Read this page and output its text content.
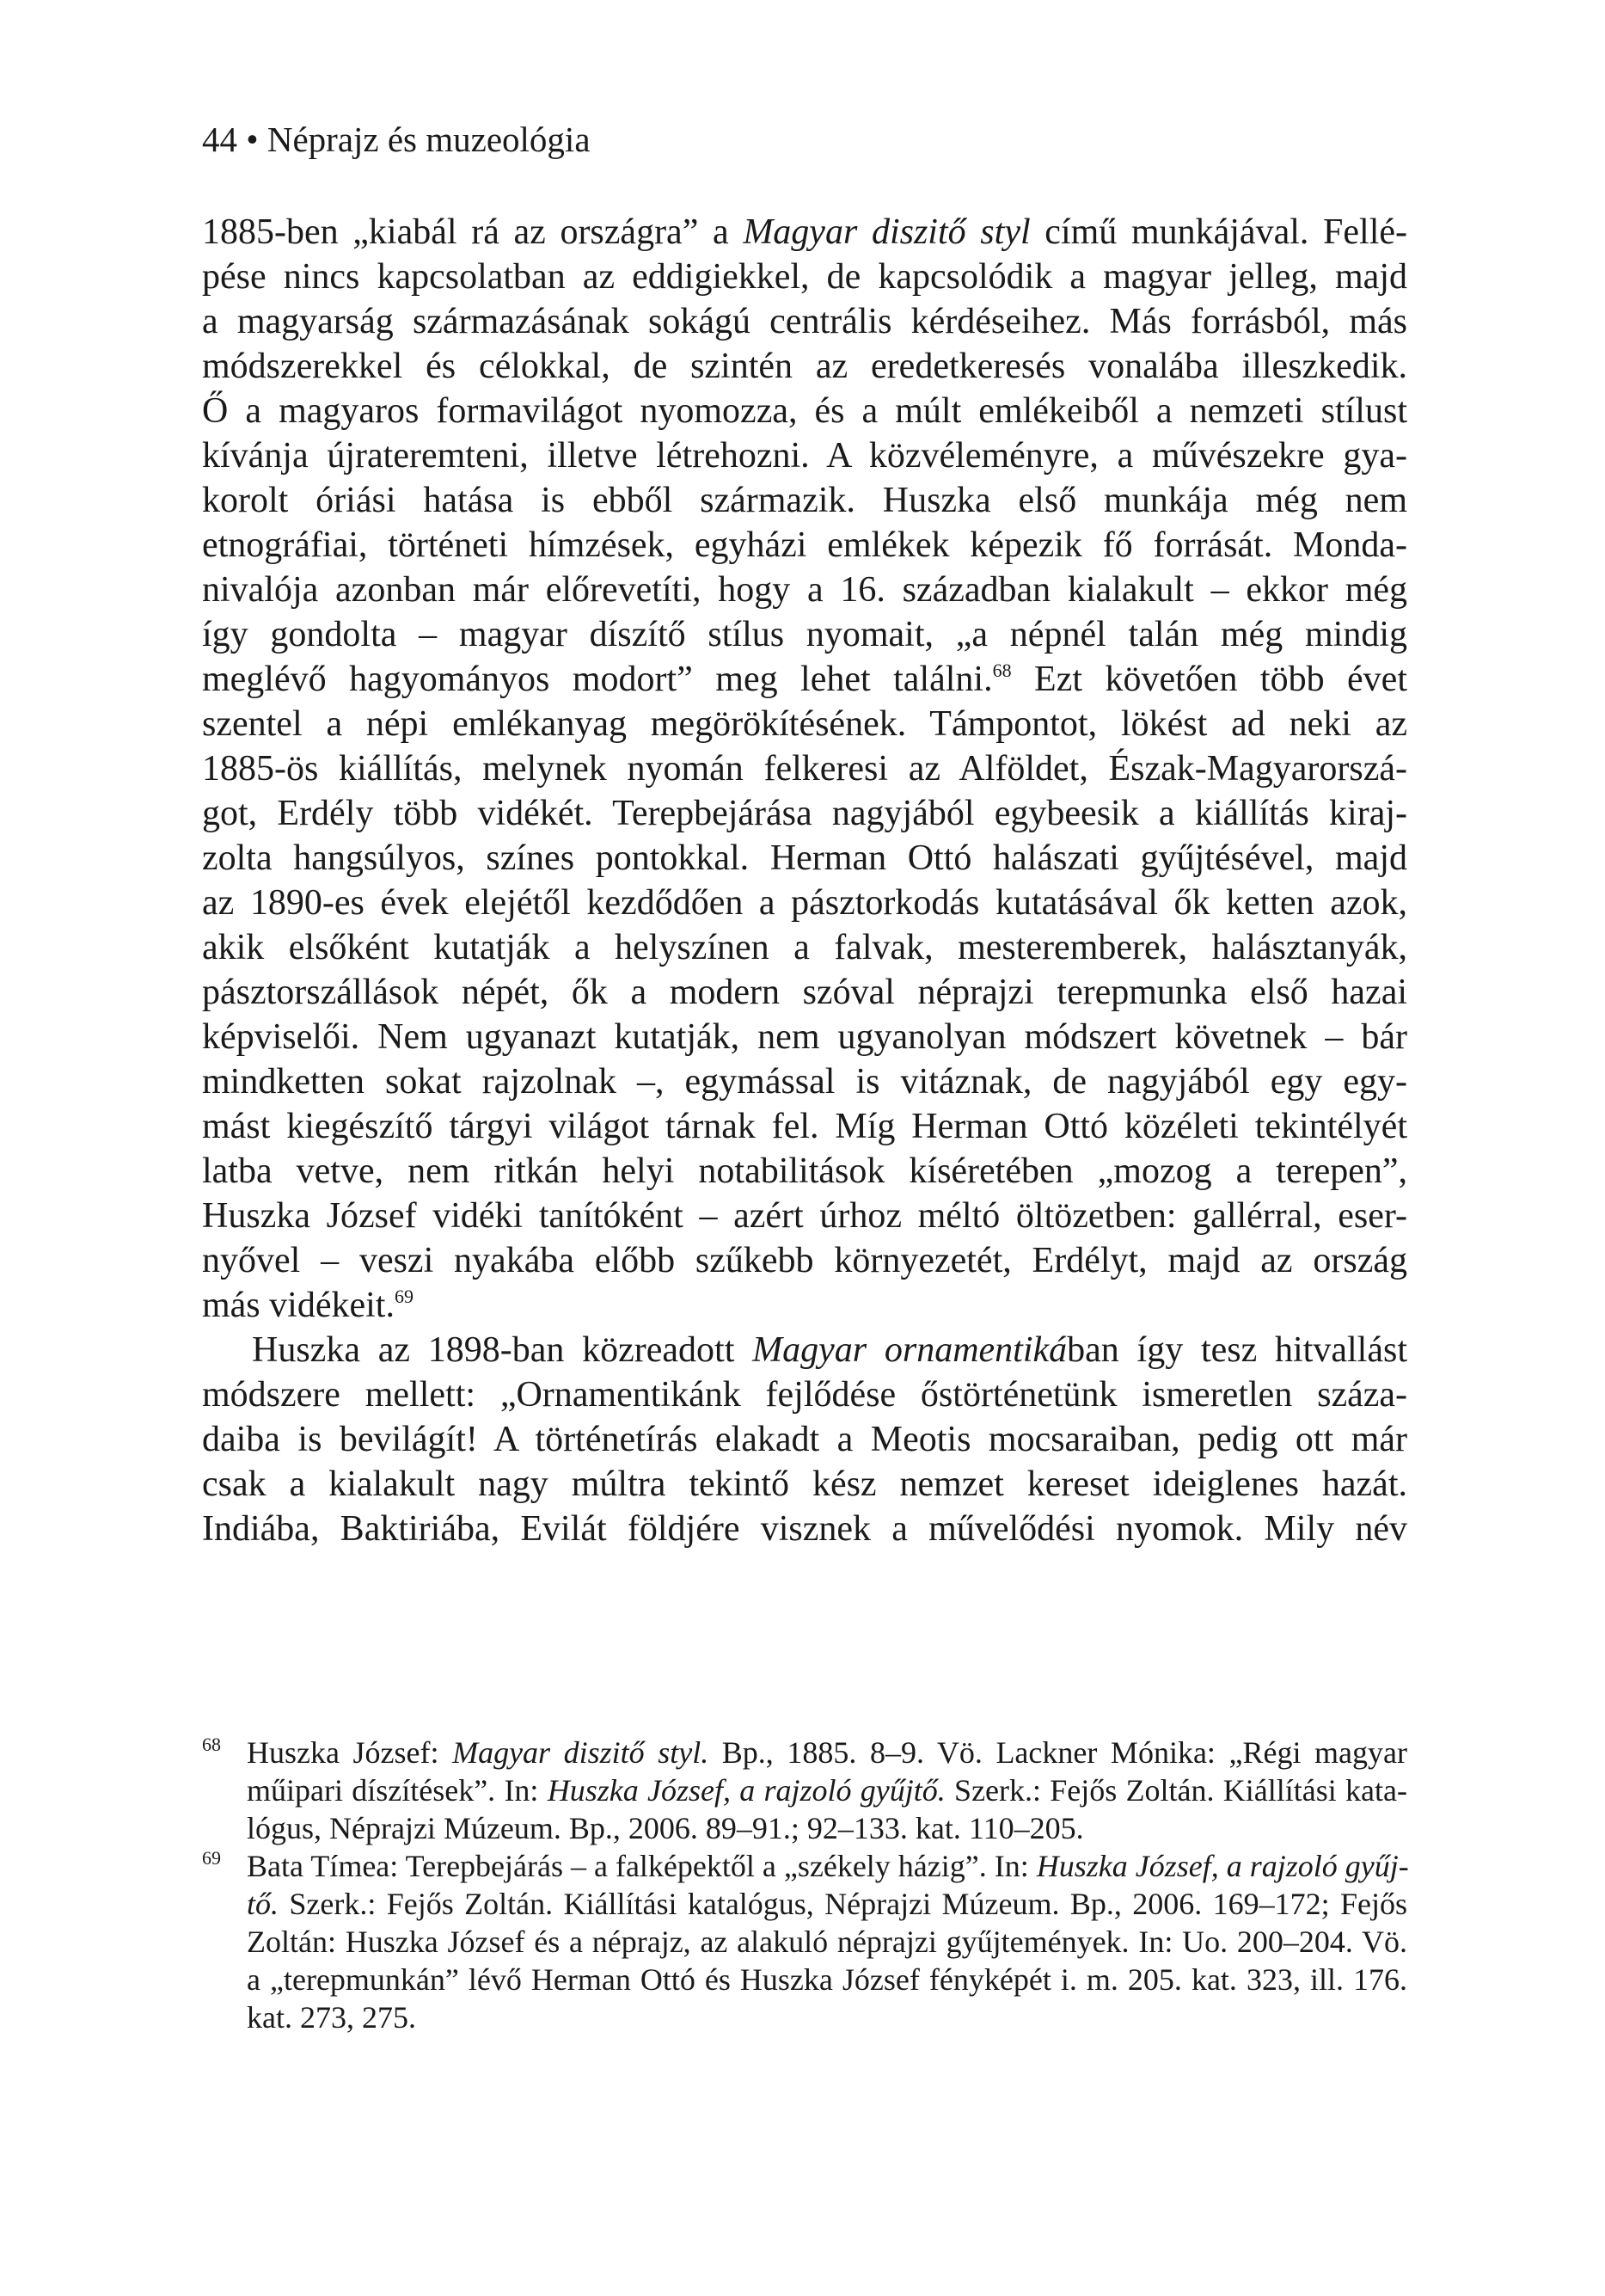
44 • Néprajz és muzeológia
1885-ben „kiabál rá az országra” a Magyar diszitő styl című munkájával. Fellé-
pése nincs kapcsolatban az eddigiekkel, de kapcsolódik a magyar jelleg, majd
a magyarság származásának sokágú centrális kérdéseihez. Más forrásból, más
módszerekkel és célokkal, de szintén az eredetkeresés vonalába illeszkedik.
Ő a magyaros formavilágot nyomozza, és a múlt emlékeiből a nemzeti stílust
kívánja újrateremteni, illetve létrehozni. A közvéleményre, a művészekre gya-
korolt óriási hatása is ebből származik. Huszka első munkája még nem
etnográfiai, történeti hímzések, egyházi emlékek képezik fő forrását. Monda-
nivalója azonban már előrevetíti, hogy a 16. században kialakult – ekkor még
így gondolta – magyar díszítő stílus nyomait, „a népnél talán még mindig
meglévő hagyományos modort” meg lehet találni.$^{68}$ Ezt követően több évet
szentel a népi emlékanyag megörökítésének. Támpontot, lökést ad neki az
1885-ös kiállítás, melynek nyomán felkeresi az Alföldet, Észak-Magyarorszá-
got, Erdély több vidékét. Terepbejárása nagyjából egybeesik a kiállítás kiraj-
zolta hangsúlyos, színes pontokkal. Herman Ottó halászati gyűjtésével, majd
az 1890-es évek elejétől kezdődően a pásztorkodás kutatásával ők ketten azok,
akik elsőként kutatják a helyszínen a falvak, mesteremberek, halásztanyák,
pásztorszállások népét, ők a modern szóval néprajzi terepmunka első hazai
képviselői. Nem ugyanazt kutatják, nem ugyanolyan módszert követnek – bár
mindketten sokat rajzolnak –, egymással is vitáznak, de nagyjából egy egy-
mást kiegészítő tárgyi világot tárnak fel. Míg Herman Ottó közéleti tekintélyét
latba vetve, nem ritkán helyi notabilitások kíséretében „mozog a terepen”,
Huszka József vidéki tanítóként – azért úrhoz méltó öltözetben: gallérral, eser-
nyővel – veszi nyakába előbb szűkebb környezetét, Erdélyt, majd az ország
más vidékeit.$^{69}$
Huszka az 1898-ban közreadott Magyar ornamentikában így tesz hitvallást
módszere mellett: „Ornamentikánk fejlődése őstörténetünk ismeretlen száza-
daiba is bevilágít! A történetírás elakadt a Meotis mocsaraiban, pedig ott már
csak a kialakult nagy múltra tekintő kész nemzet kereset ideiglenes hazát.
Indiába, Baktiriába, Evilát földjére visznek a művelődési nyomok. Mily név
68 Huszka József: Magyar diszitő styl. Bp., 1885. 8–9. Vö. Lackner Mónika: „Régi magyar
műipari díszítések”. In: Huszka József, a rajzoló gyűjtő. Szerk.: Fejős Zoltán. Kiállítási kata-
lógus, Néprajzi Múzeum. Bp., 2006. 89–91.; 92–133. kat. 110–205.
69 Bata Tímea: Terepbejárás – a falképektől a „székely házig”. In: Huszka József, a rajzoló gyűj-
tő. Szerk.: Fejős Zoltán. Kiállítási katalógus, Néprajzi Múzeum. Bp., 2006. 169–172; Fejős
Zoltán: Huszka József és a néprajz, az alakuló néprajzi gyűjtemények. In: Uo. 200–204. Vö.
a „terepmunkán” lévő Herman Ottó és Huszka József fényképét i. m. 205. kat. 323, ill. 176.
kat. 273, 275.
